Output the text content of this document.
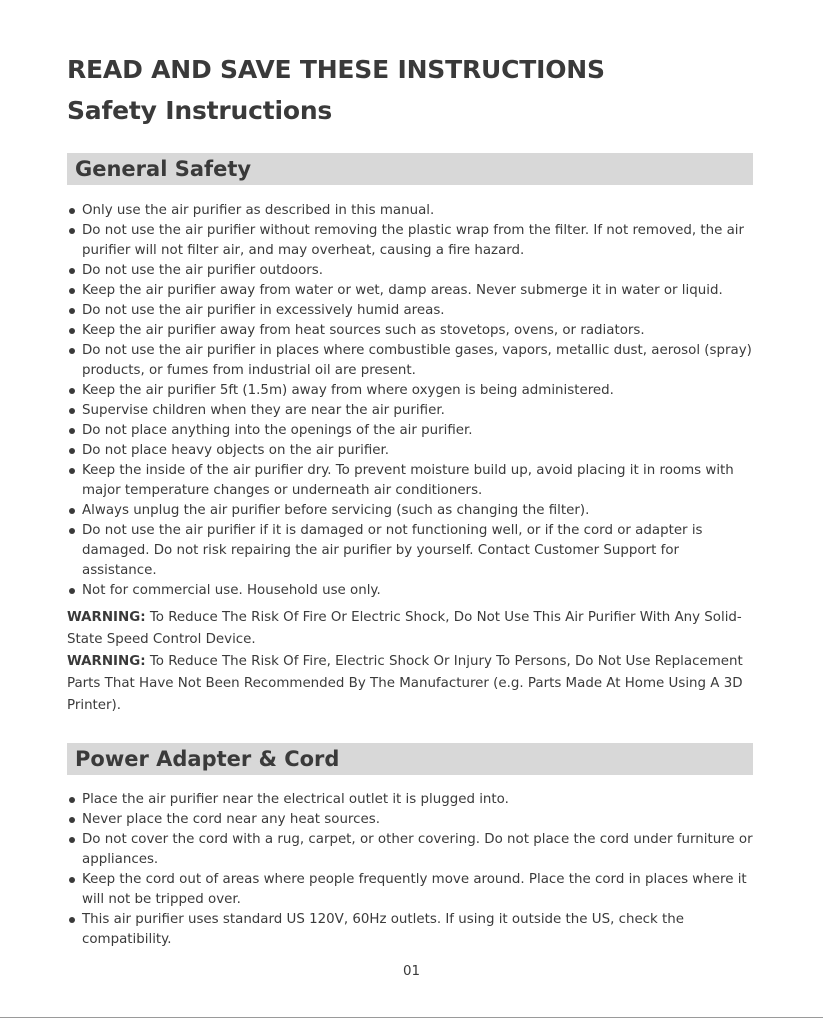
READ AND SAVE THESE INSTRUCTIONS
Safety Instructions
General Safety
Only use the air purifier as described in this manual.
Do not use the air purifier without removing the plastic wrap from the filter. If not removed, the air purifier will not filter air, and may overheat, causing a fire hazard.
Do not use the air purifier outdoors.
Keep the air purifier away from water or wet, damp areas. Never submerge it in water or liquid.
Do not use the air purifier in excessively humid areas.
Keep the air purifier away from heat sources such as stovetops, ovens, or radiators.
Do not use the air purifier in places where combustible gases, vapors, metallic dust, aerosol (spray) products, or fumes from industrial oil are present.
Keep the air purifier 5ft (1.5m) away from where oxygen is being administered.
Supervise children when they are near the air purifier.
Do not place anything into the openings of the air purifier.
Do not place heavy objects on the air purifier.
Keep the inside of the air purifier dry. To prevent moisture build up, avoid placing it in rooms with major temperature changes or underneath air conditioners.
Always unplug the air purifier before servicing (such as changing the filter).
Do not use the air purifier if it is damaged or not functioning well, or if the cord or adapter is damaged. Do not risk repairing the air purifier by yourself. Contact Customer Support for assistance.
Not for commercial use. Household use only.
WARNING: To Reduce The Risk Of Fire Or Electric Shock, Do Not Use This Air Purifier With Any Solid-State Speed Control Device.
WARNING: To Reduce The Risk Of Fire, Electric Shock Or Injury To Persons, Do Not Use Replacement Parts That Have Not Been Recommended By The Manufacturer (e.g. Parts Made At Home Using A 3D Printer).
Power Adapter & Cord
Place the air purifier near the electrical outlet it is plugged into.
Never place the cord near any heat sources.
Do not cover the cord with a rug, carpet, or other covering. Do not place the cord under furniture or appliances.
Keep the cord out of areas where people frequently move around. Place the cord in places where it will not be tripped over.
This air purifier uses standard US 120V, 60Hz outlets. If using it outside the US, check the compatibility.
01
